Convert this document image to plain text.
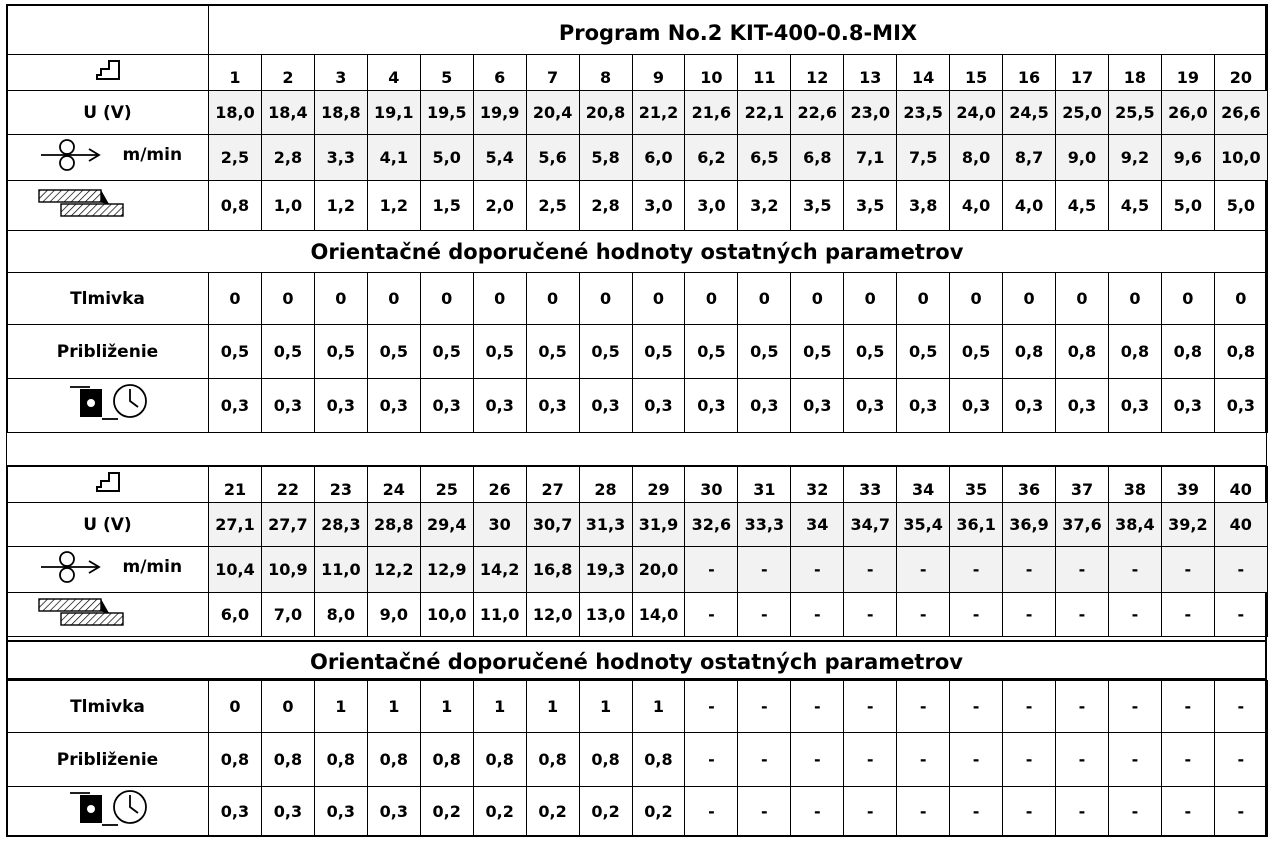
	Program No.2 KIT-400-0.8-MIX																			
	1	2	3	4	5	6	7	8	9	10	11	12	13	14	15	16	17	18	19	20
U (V)	18,0	18,4	18,8	19,1	19,5	19,9	20,4	20,8	21,2	21,6	22,1	22,6	23,0	23,5	24,0	24,5	25,0	25,5	26,0	26,6

m/min	2,5	2,8	3,3	4,1	5,0	5,4	5,6	5,8	6,0	6,2	6,5	6,8	7,1	7,5	8,0	8,7	9,0	9,2	9,6	10,0
	0,8	1,0	1,2	1,2	1,5	2,0	2,5	2,8	3,0	3,0	3,2	3,5	3,5	3,8	4,0	4,0	4,5	4,5	5,0	5,0
Orientačné doporučené hodnoty ostatných parametrov																				
Tlmivka	0	0	0	0	0	0	0	0	0	0	0	0	0	0	0	0	0	0	0	0
Približenie	0,5	0,5	0,5	0,5	0,5	0,5	0,5	0,5	0,5	0,5	0,5	0,5	0,5	0,5	0,5	0,8	0,8	0,8	0,8	0,8
	0,3	0,3	0,3	0,3	0,3	0,3	0,3	0,3	0,3	0,3	0,3	0,3	0,3	0,3	0,3	0,3	0,3	0,3	0,3	0,3
	21	22	23	24	25	26	27	28	29	30	31	32	33	34	35	36	37	38	39	40
U (V)	27,1	27,7	28,3	28,8	29,4	30	30,7	31,3	31,9	32,6	33,3	34	34,7	35,4	36,1	36,9	37,6	38,4	39,2	40

m/min	10,4	10,9	11,0	12,2	12,9	14,2	16,8	19,3	20,0	-	-	-	-	-	-	-	-	-	-	-
	6,0	7,0	8,0	9,0	10,0	11,0	12,0	13,0	14,0	-	-	-	-	-	-	-	-	-	-	-
Orientačné doporučené hodnoty ostatných parametrov
Tlmivka	0	0	1	1	1	1	1	1	1	-	-	-	-	-	-	-	-	-	-	-
Približenie	0,8	0,8	0,8	0,8	0,8	0,8	0,8	0,8	0,8	-	-	-	-	-	-	-	-	-	-	-
	0,3	0,3	0,3	0,3	0,2	0,2	0,2	0,2	0,2	-	-	-	-	-	-	-	-	-	-	-
